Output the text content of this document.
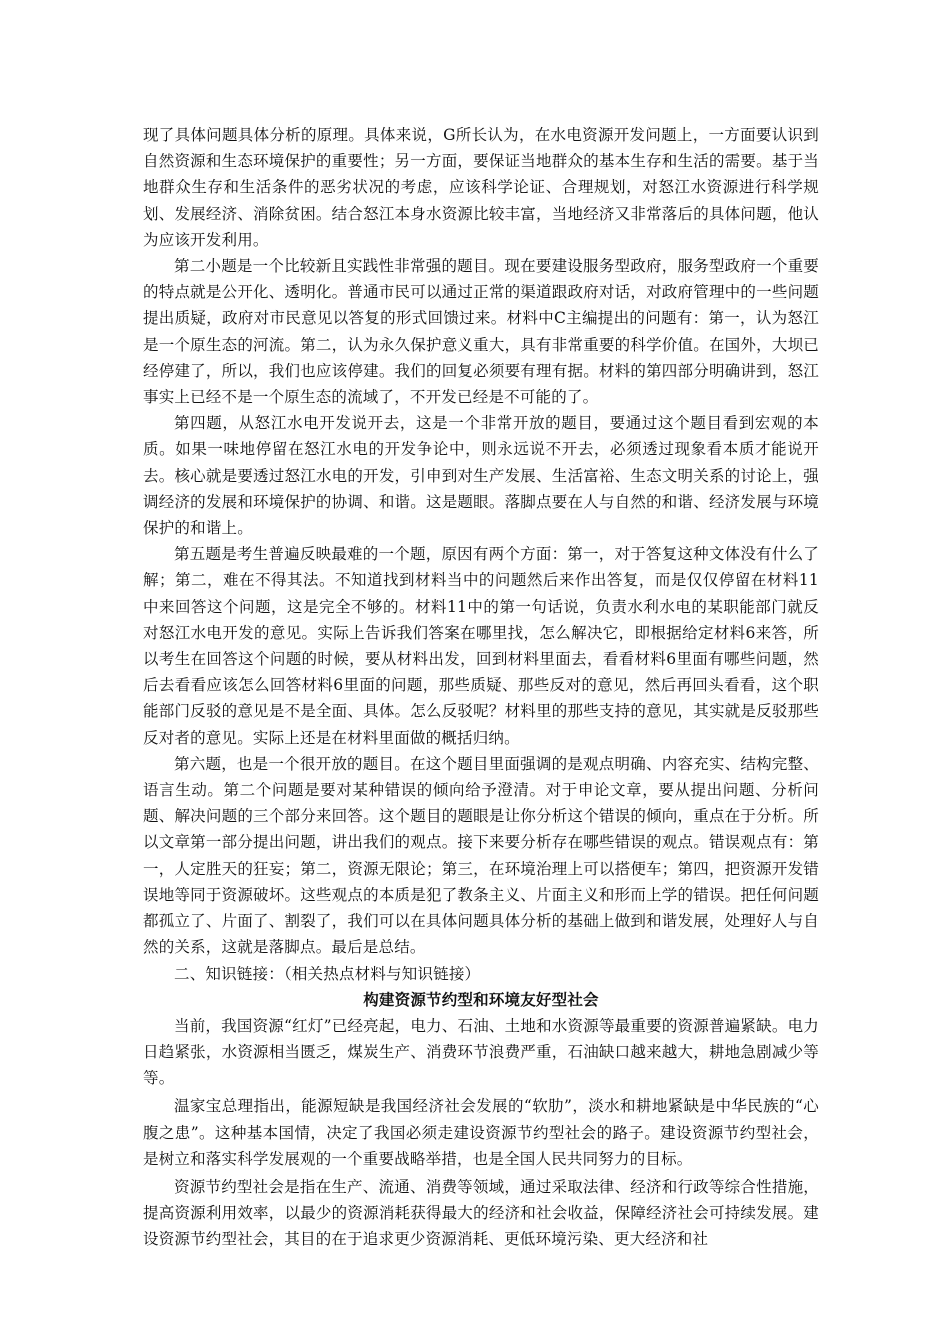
现了具体问题具体分析的原理。具体来说，G所长认为，在水电资源开发问题上，一方面要认识到自然资源和生态环境保护的重要性；另一方面，要保证当地群众的基本生存和生活的需要。基于当地群众生存和生活条件的恶劣状况的考虑，应该科学论证、合理规划，对怒江水资源进行科学规划、发展经济、消除贫困。结合怒江本身水资源比较丰富，当地经济又非常落后的具体问题，他认为应该开发利用。

第二小题是一个比较新且实践性非常强的题目。现在要建设服务型政府，服务型政府一个重要的特点就是公开化、透明化。普通市民可以通过正常的渠道跟政府对话，对政府管理中的一些问题提出质疑，政府对市民意见以答复的形式回馈过来。材料中C主编提出的问题有：第一，认为怒江是一个原生态的河流。第二，认为永久保护意义重大，具有非常重要的科学价值。在国外，大坝已经停建了，所以，我们也应该停建。我们的回复必须要有理有据。材料的第四部分明确讲到，怒江事实上已经不是一个原生态的流域了，不开发已经是不可能的了。

第四题，从怒江水电开发说开去，这是一个非常开放的题目，要通过这个题目看到宏观的本质。如果一味地停留在怒江水电的开发争论中，则永远说不开去，必须透过现象看本质才能说开去。核心就是要透过怒江水电的开发，引申到对生产发展、生活富裕、生态文明关系的讨论上，强调经济的发展和环境保护的协调、和谐。这是题眼。落脚点要在人与自然的和谐、经济发展与环境保护的和谐上。

第五题是考生普遍反映最难的一个题，原因有两个方面：第一，对于答复这种文体没有什么了解；第二，难在不得其法。不知道找到材料当中的问题然后来作出答复，而是仅仅停留在材料11中来回答这个问题，这是完全不够的。材料11中的第一句话说，负责水利水电的某职能部门就反对怒江水电开发的意见。实际上告诉我们答案在哪里找，怎么解决它，即根据给定材料6来答，所以考生在回答这个问题的时候，要从材料出发，回到材料里面去，看看材料6里面有哪些问题，然后去看看应该怎么回答材料6里面的问题，那些质疑、那些反对的意见，然后再回头看看，这个职能部门反驳的意见是不是全面、具体。怎么反驳呢？材料里的那些支持的意见，其实就是反驳那些反对者的意见。实际上还是在材料里面做的概括归纳。

第六题，也是一个很开放的题目。在这个题目里面强调的是观点明确、内容充实、结构完整、语言生动。第二个问题是要对某种错误的倾向给予澄清。对于申论文章，要从提出问题、分析问题、解决问题的三个部分来回答。这个题目的题眼是让你分析这个错误的倾向，重点在于分析。所以文章第一部分提出问题，讲出我们的观点。接下来要分析存在哪些错误的观点。错误观点有：第一，人定胜天的狂妄；第二，资源无限论；第三，在环境治理上可以搭便车；第四，把资源开发错误地等同于资源破坏。这些观点的本质是犯了教条主义、片面主义和形而上学的错误。把任何问题都孤立了、片面了、割裂了，我们可以在具体问题具体分析的基础上做到和谐发展，处理好人与自然的关系，这就是落脚点。最后是总结。

二、知识链接：（相关热点材料与知识链接）

构建资源节约型和环境友好型社会

当前，我国资源“红灯”已经亮起，电力、石油、土地和水资源等最重要的资源普遍紧缺。电力日趋紧张，水资源相当匮乏，煤炭生产、消费环节浪费严重，石油缺口越来越大，耕地急剧减少等等。

温家宝总理指出，能源短缺是我国经济社会发展的“软肋”，淡水和耕地紧缺是中华民族的“心腹之患”。这种基本国情，决定了我国必须走建设资源节约型社会的路子。建设资源节约型社会，是树立和落实科学发展观的一个重要战略举措，也是全国人民共同努力的目标。

资源节约型社会是指在生产、流通、消费等领域，通过采取法律、经济和行政等综合性措施，提高资源利用效率，以最少的资源消耗获得最大的经济和社会收益，保障经济社会可持续发展。建设资源节约型社会，其目的在于追求更少资源消耗、更低环境污染、更大经济和社
